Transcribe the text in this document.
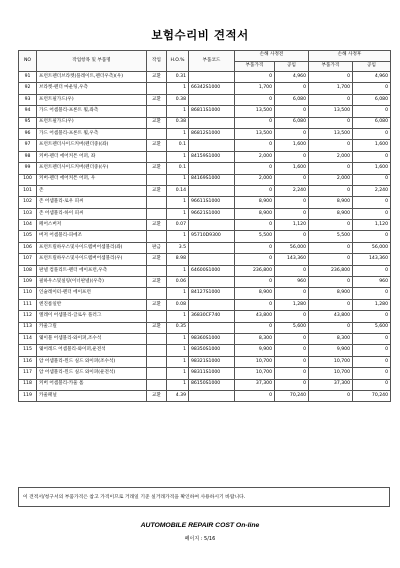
보험수리비 견적서
NO	작업항목 및 부품명	작업	H.O.%	부품코드	손해 사정전		손해 사정후	
					부품가격	공임	부품가격	공임
91	프런트펜더브라켓(플레이트,펜더우측)(우)	교환	0.31		0	4,960	0	4,960
92	브라켓-펜더 마운팅,우측		1	66342S1000	1,700	0	1,700	0
93	프런트필가드(우)	교환	0.38		0	6,080	0	6,080
94	가드 어셈블리-프론트 휠,좌측		1	86811S1000	13,500	0	13,500	0
95	프런트필가드(우)	교환	0.38		0	6,080	0	6,080
96	가드 어셈블리-프론트 휠,우측		1	86812S1000	13,500	0	13,500	0
97	프런트펜더사이드커버(펜더중)(좌)	교환	0.1		0	1,600	0	1,600
98	커버-펜더 에어커튼 어퍼, 좌		1	84159S1000	2,000	0	2,000	0
99	프런트펜더사이드커버(펜더중)(우)	교환	0.1		0	1,600	0	1,600
100	커버-펜더 에어커튼 어퍼, 우		1	84169S1000	2,000	0	2,000	0
101	존	교환	0.14		0	2,240	0	2,240
102	존 어셈블리-로우 피씨		1	96611S1000	8,900	0	8,900	0
103	존 어셈블리-하이 피씨		1	96621S1000	8,900	0	8,900	0
104	페어스버저	교환	0.07		0	1,120	0	1,120
105	버저 어셈블리-피에조		1	95710D9300	5,500	0	5,500	0
106	프런트릴하우스및사이드멤버어셈블리(좌)	판금	3.5		0	56,000	0	56,000
107	프런트릴하우스및사이드멤버어셈블리(우)	교환	8.98		0	143,360	0	143,360
108	판넬 컴플리트-펜더 에이프런,우측		1	64600S1000	236,800	0	236,800	0
109	필하우스및실링(이너판넬)(우측)	교환	0.06		0	960	0	960
110	인슐레이터-펜더 에이프런		1	84127S1000	8,900	0	8,900	0
111	엔진룸일반	교환	0.08		0	1,280	0	1,280
112	엘레이 어셈블리-글로우 플러그		1	36830CF740	43,800	0	43,800	0
113	카울그릴	교환	0.35		0	5,600	0	5,600
114	웨이블 어셈블리-와이퍼,조수석		1	98360S1000	8,300	0	8,300	0
115	웨어레드 어셈블리-와이퍼,운전석		1	98350S1000	9,900	0	9,900	0
116	암 어셈블리-윈드 실드 와이퍼(조수석)		1	98321S1000	10,700	0	10,700	0
117	암 어셈블리-윈드 실드 와이퍼(운전석)		1	98311S1000	10,700	0	10,700	0
118	커버 어셈블리-카울 톱		1	86150S1000	37,300	0	37,300	0
119	카울패널	교환	4.39		0	70,240	0	70,240
이 견적서/청구서의 부품가격은 참고 가격이므로 거래일 기준 실거래가격을 확인하여 사용하시기 바랍니다.
AUTOMOBILE REPAIR COST On-line
페이지 : 5/16
